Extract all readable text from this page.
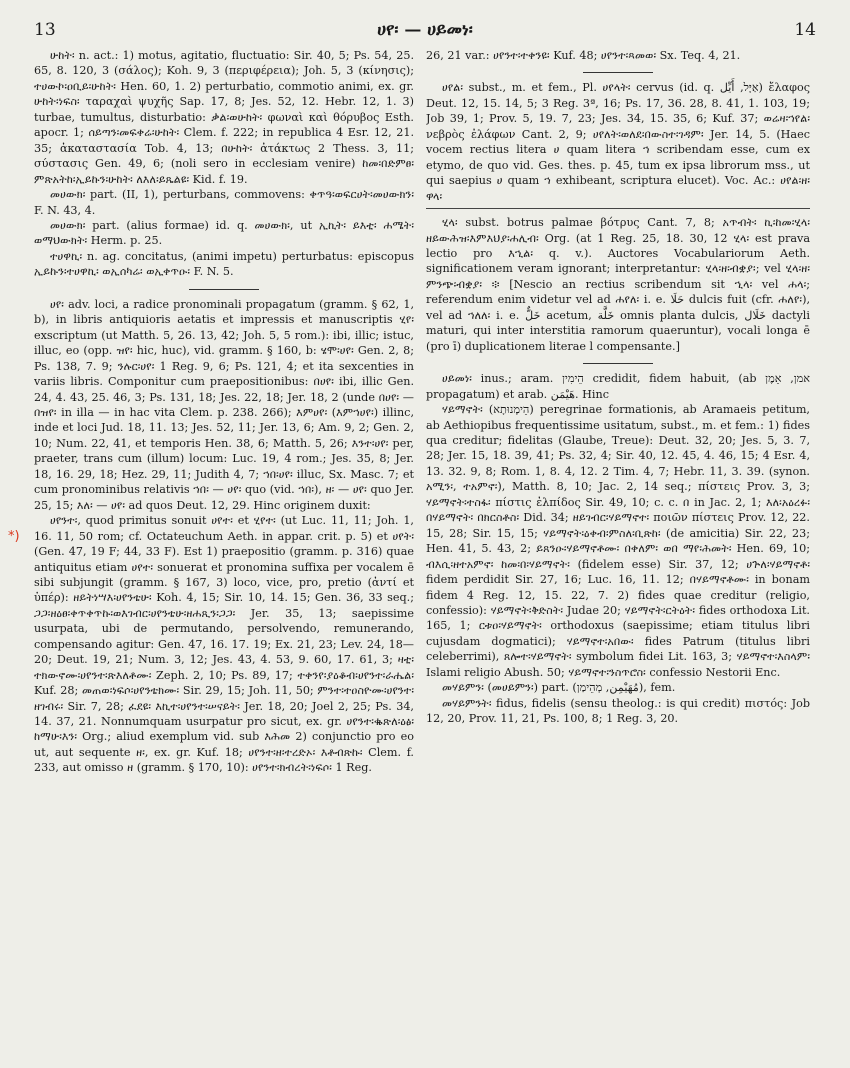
13	ሀየ፡ — ሀይመነ፡	14
*)

ሁከት፡ n. act.: 1) motus, agitatio, fluctuatio: Sir. 40, 5; Ps. 54, 25. 65, 8. 120, 3 (σάλος); Koh. 9, 3 (περιφέρεια); Joh. 5, 3 (κίνησις); ተሀውኮ፡ዐቢይ፡ሁከት፡ Hen. 60, 1. 2) perturbatio, commotio animi, ex. gr. ሁከት፡ነፍስ፡ ταραχαὶ ψυχῆς Sap. 17, 8; Jes. 52, 12. Hebr. 12, 1. 3) turbae, tumultus, disturbatio: ቃል፡ወሁከት፡ φωναὶ καὶ θόρυβος Esth. apocr. 1; ሰይጣን፡መፍቀሬ፡ሁከት፡ Clem. f. 222; in republica 4 Esr. 12, 21. 35; ἀκαταστασία Tob. 4, 13; በሁከት፡ ἀτάκτως 2 Thess. 3, 11; σύστασις Gen. 49, 6; (noli sero in ecclesiam venire) ከመ፡በድምፀ፡ምጽአትከ፡ኢይኩን፡ሁከት፡ ለእለ፡ይጼልዩ፡ Kid. f. 19.

መሀውክ፡ part. (II, 1), perturbans, commovens: ቀጥዓ፡ወፍርሀት፡መሀውክን፡ F. N. 43, 4.

መሀውክ፡ part. (alius formae) id. q. መሀውክ፡, ut ኢኪት፡ ይእቲ፡ ሐሜት፡ ወማህውክት፡ Herm. p. 25.

ተሀዋኪ፡ n. ag. concitatus, (animi impetu) perturbatus: episcopus ኢይኩን፡ተሀዋኪ፡ ወኢሰካሬ፡ ወኢቀጥዑ፡ F. N. 5.

ሀየ፡ adv. loci, a radice pronominali propagatum (gramm. § 62, 1, b), in libris antiquioris aetatis et impressis et manuscriptis ሂየ፡ exscriptum (ut Matth. 5, 26. 13, 42; Joh. 5, 5 rom.): ibi, illic; istuc, illuc, eo (opp. ዝየ፡ hic, huc), vid. gramm. § 160, b: ሄሞ፡ሀየ፡ Gen. 2, 8; Ps. 138, 7. 9; ንሉር፡ሀየ፡ 1 Reg. 9, 6; Ps. 121, 4; et ita sexcenties in variis libris. Componitur cum praepositionibus: በሀየ፡ ibi, illic Gen. 24, 4. 43, 25. 46, 3; Ps. 131, 18; Jes. 22, 18; Jer. 18, 2 (unde በሀየ፡ — በዝየ፡ in illa — in hac vita Clem. p. 238. 266); እምሀየ፡ (እምኀሀየ፡) illinc, inde et loci Jud. 18, 11. 13; Jes. 52, 11; Jer. 13, 6; Am. 9, 2; Gen. 2, 10; Num. 22, 41, et temporis Hen. 38, 6; Matth. 5, 26; እንተ፡ሀየ፡ per, praeter, trans cum (illum) locum: Luc. 19, 4 rom.; Jes. 35, 8; Jer. 18, 16. 29, 18; Hez. 29, 11; Judith 4, 7; ኀበ፡ሀየ፡ illuc, Sx. Masc. 7; et cum pronominibus relativis ኀበ፡ — ሀየ፡ quo (vid. ኀበ፡), ዘ፡ — ሀየ፡ quo Jer. 25, 15; እለ፡ — ሀየ፡ ad quos Deut. 12, 29. Hinc originem duxit:

ሀየንተ፡, quod primitus sonuit ሀየተ፡ et ሂየተ፡ (ut Luc. 11, 11; Joh. 1, 16. 11, 50 rom; cf. Octateuchum Aeth. in appar. crit. p. 5) et ሀየት፡ (Gen. 47, 19 F; 44, 33 F). Est 1) praepositio (gramm. p. 316) quae antiquitus etiam ሀየተ፡ sonuerat et pronomina suffixa per vocalem ē sibi subjungit (gramm. § 167, 3) loco, vice, pro, pretio (ἀντί et ὑπέρ): ዘይትነሣእ፡ሀየንቴሁ፡ Koh. 4, 15; Sir. 10, 14. 15; Gen. 36, 33 seq.; ጋጋ፡ዘዕፀ፡ቀጥቀጥኩ፡ወእገብር፡ሀየንቴሁ፡ዘሐጺን፡ጋጋ፡ Jer. 35, 13; saepissime usurpata, ubi de permutando, persolvendo, remunerando, compensando agitur: Gen. 47, 16. 17. 19; Ex. 21, 23; Lev. 24, 18—20; Deut. 19, 21; Num. 3, 12; Jes. 43, 4. 53, 9. 60, 17. 61, 3; ዛቲ፡ተክውኖሙ፡ሀየንተ፡ጽእለቶሙ፡ Zeph. 2, 10; Ps. 89, 17; ተቀንየ፡ያዕቆብ፡ሀየንተ፡ራሔል፡ Kuf. 28; መጠወ፡ነፍሶ፡ሀየንቴክሙ፡ Sir. 29, 15; Joh. 11, 50; ምንተ፡ተዐስዮሙ፡ሀየንተ፡ዘገብሩ፡ Sir. 7, 28; ፈደዩ፡ እኪተ፡ሀየንተ፡ሠናይት፡ Jer. 18, 20; Joel 2, 25; Ps. 34, 14. 37, 21. Nonnumquam usurpatur pro sicut, ex. gr. ሀየንተ፡ቈጽለ፡ዕፅ፡ከማሁ፡እን፡ Org.; aliud exemplum vid. sub እሕመ 2) conjunctio pro eo ut, aut sequente ዘ፡, ex. gr. Kuf. 18; ሀየንተ፡ዘ፡ተረድኦ፡ እቶብጽኩ፡ Clem. f. 233, aut omisso ዘ (gramm. § 170, 10): ሀየንተ፡ክብረት፡ነፍሶ፡ 1 Reg.

26, 21 var.: ሀየንተ፡ተቀንዩ፡ Kuf. 48; ሀየንተ፡ጻመወ፡ Sx. Teq. 4, 21.

ሀየል፡ subst., m. et fem., Pl. ሀየላት፡ cervus (id. q. אַיָּל, أَيِّل) ἔλαφος Deut. 12, 15. 14, 5; 3 Reg. 3ª, 16; Ps. 17, 36. 28, 8. 41, 1. 103, 19; Job 39, 1; Prov. 5, 19. 7, 23; Jes. 34, 15. 35, 6; Kuf. 37; ወሬዛ፡ኀየል፡ νεβρὸς ἐλάφων Cant. 2, 9; ሀየለት፡ወለደ፡በውስተ፡ገዳም፡ Jer. 14, 5. (Haec vocem rectius litera ሀ quam litera ኀ scribendam esse, cum ex etymo, de quo vid. Ges. thes. p. 45, tum ex ipsa librorum mss., ut qui saepius ሀ quam ኀ exhibeant, scriptura elucet). Voc. Ac.: ሀየል፡ዘ፡ዋላ፡

ሂላ፡ subst. botrus palmae βότρυς Cant. 7, 8; አጥብት፡ ኪ፡ከመ፡ሂላ፡ዘይውሕዝ፡እምእህያ፡ሐሊብ፡ Org. (at 1 Reg. 25, 18. 30, 12 ሂላ፡ est prava lectio pro እኂል፡ q. v.). Auctores Vocabulariorum Aeth. significationem veram ignorant; interpretantur: ሂላ፡ዘ፡ብቋያ፡; vel ሂላ፡ዘ፡ምንጭ፡ብቋያ፡ ፨ [Nescio an rectius scribendum sit ኂላ፡ vel ሐላ፡; referendum enim videtur vel ad ሐየለ፡ i. e. حَلَا dulcis fuit (cfr. ሐለየ፡), vel ad ኀለለ፡ i. e. خَلٌّ acetum, خَلَّة omnis planta dulcis, خَلَال dactyli maturi, qui inter interstitia ramorum quaeruntur), vocali longa ē (pro ī) duplicationem literae l compensante.]

ሀይመነ፡ inus.; aram. הֵימִין credidit, fidem habuit, (ab אמן, אֵמֶן propagatum) et arab. هَيْمَن. Hinc

ሃይማኖት፡ (הֵימָנוּתָא) peregrinae formationis, ab Aramaeis petitum, ab Aethiopibus frequentissime usitatum, subst., m. et fem.: 1) fides qua creditur; fidelitas (Glaube, Treue): Deut. 32, 20; Jes. 5, 3. 7, 28; Jer. 15, 18. 39, 41; Ps. 32, 4; Sir. 40, 12. 45, 4. 46, 15; 4 Esr. 4, 13. 32. 9, 8; Rom. 1, 8. 4, 12. 2 Tim. 4, 7; Hebr. 11, 3. 39. (synon. አሚን፡, ተአምኖ፡), Matth. 8, 10; Jac. 2, 14 seq.; πίστεις Prov. 3, 3; ሃይማኖት፡ተስፋ፡ πίστις ἐλπίδος Sir. 49, 10; c. c. በ in Jac. 2, 1; እለ፡አዕረፉ፡ በሃይማኖት፡ በክርስቶስ፡ Did. 34; ዘይገብር፡ሃይማኖተ፡ ποιῶν πίστεις Prov. 12, 22. 15, 28; Sir. 15, 15; ሃይማኖት፡ዕቀብ፡ምስለ፡ቢጽከ፡ (de amicitia) Sir. 22, 23; Hen. 41, 5. 43, 2; ይጸንዑ፡ሃይማኖቶሙ፡ በቀለም፡ ወበ ማየ፡ሕመት፡ Hen. 69, 10; ብእሲ፡ዘተአምኖ፡ ከመ፡በ፡ሃይማኖት፡ (fidelem esse) Sir. 37, 12; ሀጕለ፡ሃይማኖቶ፡ fidem perdidit Sir. 27, 16; Luc. 16, 11. 12; በሃይማኖቶሙ፡ in bonam fidem 4 Reg. 12, 15. 22, 7. 2) fides quae creditur (religio, confessio): ሃይማኖት፡ቅድስት፡ Judae 20; ሃይማኖት፡ርትዕት፡ fides orthodoxa Lit. 165, 1; ርቱዐ፡ሃይማኖት፡ orthodoxus (saepissime; etiam titulus libri cujusdam dogmatici); ሃይማኖተ፡አበው፡ fides Patrum (titulus libri celeberrimi), ጸሎተ፡ሃይማኖት፡ symbolum fidei Lit. 163, 3; ሃይማኖተ፡እስላም፡ Islami religio Abush. 50; ሃይማኖተ፡ንስጥሮስ፡ confessio Nestorii Enc.

መሃይምን፡ (መሀይምን፡) part. (مُهَيْمِن, מְהֵימַן), fem.

መሃይምንት፡ fidus, fidelis (sensu theolog.: is qui credit) πιστός: Job 12, 20, Prov. 11, 21, Ps. 100, 8; 1 Reg. 3, 20.
